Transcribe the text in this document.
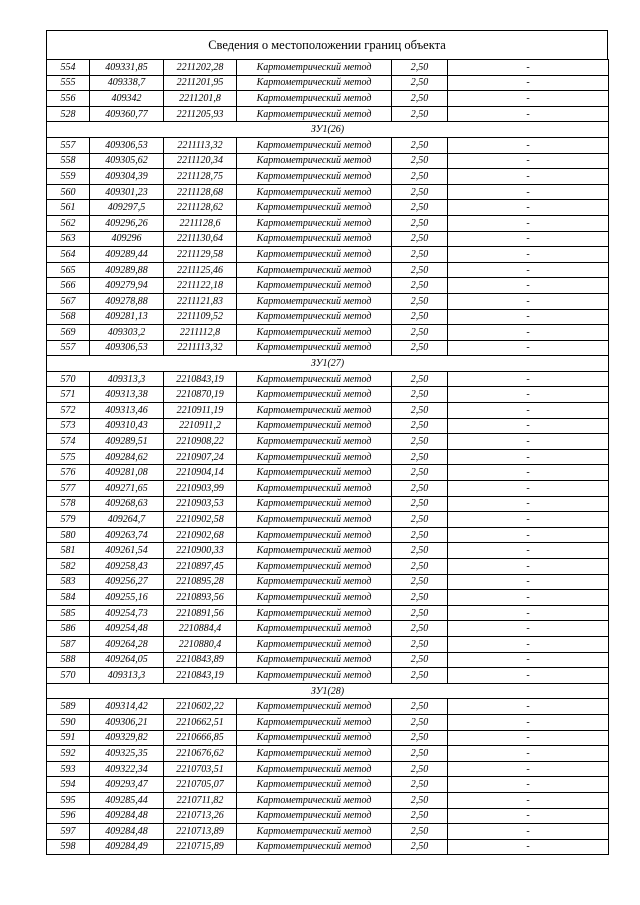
Сведения о местоположении границ объекта
554	409331,85	2211202,28	Картометрический метод	2,50	-
555	409338,7	2211201,95	Картометрический метод	2,50	-
556	409342	2211201,8	Картометрический метод	2,50	-
528	409360,77	2211205,93	Картометрический метод	2,50	-
ЗУ1(26)					
557	409306,53	2211113,32	Картометрический метод	2,50	-
558	409305,62	2211120,34	Картометрический метод	2,50	-
559	409304,39	2211128,75	Картометрический метод	2,50	-
560	409301,23	2211128,68	Картометрический метод	2,50	-
561	409297,5	2211128,62	Картометрический метод	2,50	-
562	409296,26	2211128,6	Картометрический метод	2,50	-
563	409296	2211130,64	Картометрический метод	2,50	-
564	409289,44	2211129,58	Картометрический метод	2,50	-
565	409289,88	2211125,46	Картометрический метод	2,50	-
566	409279,94	2211122,18	Картометрический метод	2,50	-
567	409278,88	2211121,83	Картометрический метод	2,50	-
568	409281,13	2211109,52	Картометрический метод	2,50	-
569	409303,2	2211112,8	Картометрический метод	2,50	-
557	409306,53	2211113,32	Картометрический метод	2,50	-
ЗУ1(27)					
570	409313,3	2210843,19	Картометрический метод	2,50	-
571	409313,38	2210870,19	Картометрический метод	2,50	-
572	409313,46	2210911,19	Картометрический метод	2,50	-
573	409310,43	2210911,2	Картометрический метод	2,50	-
574	409289,51	2210908,22	Картометрический метод	2,50	-
575	409284,62	2210907,24	Картометрический метод	2,50	-
576	409281,08	2210904,14	Картометрический метод	2,50	-
577	409271,65	2210903,99	Картометрический метод	2,50	-
578	409268,63	2210903,53	Картометрический метод	2,50	-
579	409264,7	2210902,58	Картометрический метод	2,50	-
580	409263,74	2210902,68	Картометрический метод	2,50	-
581	409261,54	2210900,33	Картометрический метод	2,50	-
582	409258,43	2210897,45	Картометрический метод	2,50	-
583	409256,27	2210895,28	Картометрический метод	2,50	-
584	409255,16	2210893,56	Картометрический метод	2,50	-
585	409254,73	2210891,56	Картометрический метод	2,50	-
586	409254,48	2210884,4	Картометрический метод	2,50	-
587	409264,28	2210880,4	Картометрический метод	2,50	-
588	409264,05	2210843,89	Картометрический метод	2,50	-
570	409313,3	2210843,19	Картометрический метод	2,50	-
ЗУ1(28)					
589	409314,42	2210602,22	Картометрический метод	2,50	-
590	409306,21	2210662,51	Картометрический метод	2,50	-
591	409329,82	2210666,85	Картометрический метод	2,50	-
592	409325,35	2210676,62	Картометрический метод	2,50	-
593	409322,34	2210703,51	Картометрический метод	2,50	-
594	409293,47	2210705,07	Картометрический метод	2,50	-
595	409285,44	2210711,82	Картометрический метод	2,50	-
596	409284,48	2210713,26	Картометрический метод	2,50	-
597	409284,48	2210713,89	Картометрический метод	2,50	-
598	409284,49	2210715,89	Картометрический метод	2,50	-
